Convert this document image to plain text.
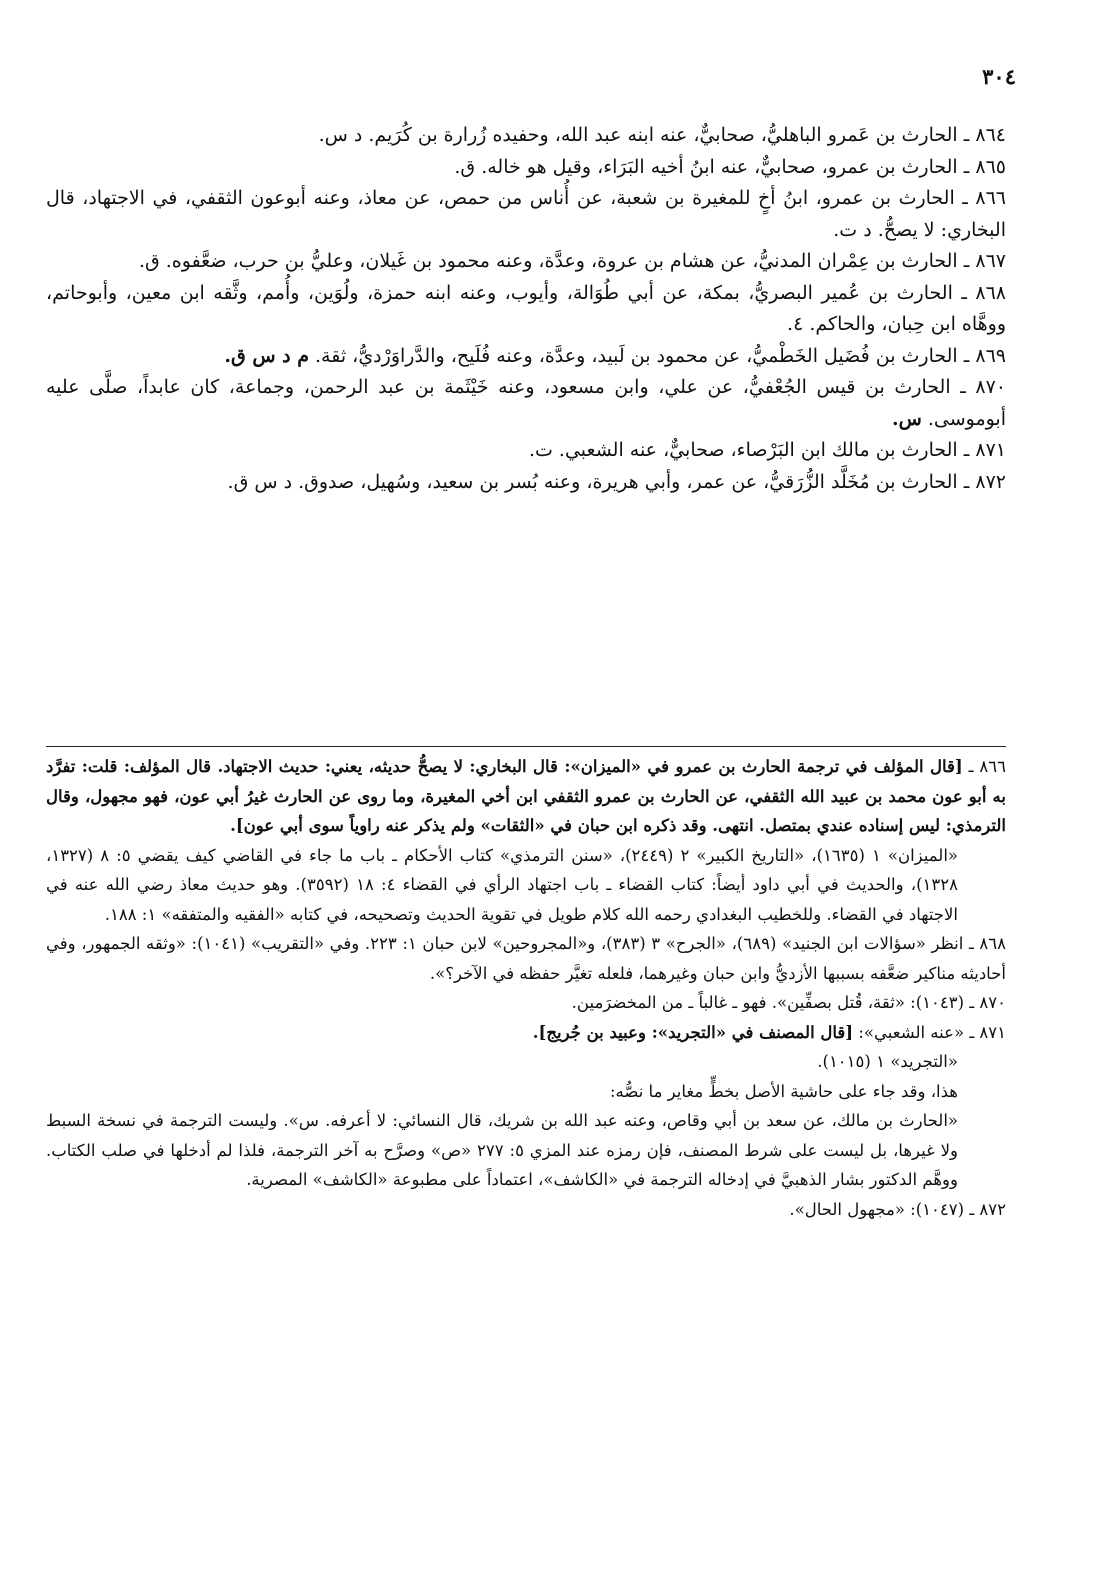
٣٠٤

٨٦٤ ـ الحارث بن عَمرو الباهليُّ، صحابيٌّ، عنه ابنه عبد الله، وحفيده زُرارة بن كُرَيم. د س.

٨٦٥ ـ الحارث بن عمرو، صحابيٌّ، عنه ابنُ أخيه البَرَاء، وقيل هو خاله. ق.

٨٦٦ ـ الحارث بن عمرو، ابنُ أخٍ للمغيرة بن شعبة، عن أُناس من حمص، عن معاذ، وعنه أبوعون الثقفي، في الاجتهاد، قال البخاري: لا يصحُّ. د ت.

٨٦٧ ـ الحارث بن عِمْران المدنيُّ، عن هشام بن عروة، وعدَّة، وعنه محمود بن غَيلان، وعليُّ بن حرب، ضعَّفوه. ق.

٨٦٨ ـ الحارث بن عُمير البصريُّ، بمكة، عن أبي طُوَالة، وأيوب، وعنه ابنه حمزة، ولُوَين، وأُمم، وثَّقه ابن معين، وأبوحاتم، ووهَّاه ابن حِبان، والحاكم. ٤.

٨٦٩ ـ الحارث بن فُضَيل الخَطْميُّ، عن محمود بن لَبيد، وعدَّة، وعنه فُلَيح، والدَّراوَرْديُّ، ثقة. م د س ق.

٨٧٠ ـ الحارث بن قيس الجُعْفيُّ، عن علي، وابن مسعود، وعنه خَيْثَمة بن عبد الرحمن، وجماعة، كان عابداً، صلَّى عليه أبوموسى. س.

٨٧١ ـ الحارث بن مالك ابن البَرْصاء، صحابيٌّ، عنه الشعبي. ت.

٨٧٢ ـ الحارث بن مُخَلَّد الزُّرَقيُّ، عن عمر، وأبي هريرة، وعنه بُسر بن سعيد، وسُهيل، صدوق. د س ق.

٨٦٦ ـ [قال المؤلف في ترجمة الحارث بن عمرو في «الميزان»: قال البخاري: لا يصحُّ حديثه، يعني: حديث الاجتهاد. قال المؤلف: قلت: تفرَّد به أبو عون محمد بن عبيد الله الثقفي، عن الحارث بن عمرو الثقفي ابن أخي المغيرة، وما روى عن الحارث غيرُ أبي عون، فهو مجهول، وقال الترمذي: ليس إسناده عندي بمتصل. انتهى. وقد ذكره ابن حبان في «الثقات» ولم يذكر عنه راوياً سوى أبي عون].

«الميزان» ١ (١٦٣٥)، «التاريخ الكبير» ٢ (٢٤٤٩)، «سنن الترمذي» كتاب الأحكام ـ باب ما جاء في القاضي كيف يقضي ٥: ٨ (١٣٢٧، ١٣٢٨)، والحديث في أبي داود أيضاً: كتاب القضاء ـ باب اجتهاد الرأي في القضاء ٤: ١٨ (٣٥٩٢). وهو حديث معاذ رضي الله عنه في الاجتهاد في القضاء. وللخطيب البغدادي رحمه الله كلام طويل في تقوية الحديث وتصحيحه، في كتابه «الفقيه والمتفقه» ١: ١٨٨.

٨٦٨ ـ انظر «سؤالات ابن الجنيد» (٦٨٩)، «الجرح» ٣ (٣٨٣)، و«المجروحين» لابن حبان ١: ٢٢٣. وفي «التقريب» (١٠٤١): «وثقه الجمهور، وفي أحاديثه مناكير ضعَّفه بسببها الأزديُّ وابن حبان وغيرهما، فلعله تغيَّر حفظه في الآخر؟».

٨٧٠ ـ (١٠٤٣): «ثقة، قُتل بصفِّين». فهو ـ غالباً ـ من المخضرَمين.

٨٧١ ـ «عنه الشعبي»: [قال المصنف في «التجريد»: وعبيد بن جُريج].

«التجريد» ١ (١٠١٥).

هذا، وقد جاء على حاشية الأصل بخطٍّ مغاير ما نصُّه:

«الحارث بن مالك، عن سعد بن أبي وقاص، وعنه عبد الله بن شريك، قال النسائي: لا أعرفه. س». وليست الترجمة في نسخة السبط ولا غيرها، بل ليست على شرط المصنف، فإن رمزه عند المزي ٥: ٢٧٧ «ص» وصرَّح به آخر الترجمة، فلذا لم أدخلها في صلب الكتاب. ووهَّم الدكتور بشار الذهبيَّ في إدخاله الترجمة في «الكاشف»، اعتماداً على مطبوعة «الكاشف» المصرية.

٨٧٢ ـ (١٠٤٧): «مجهول الحال».
